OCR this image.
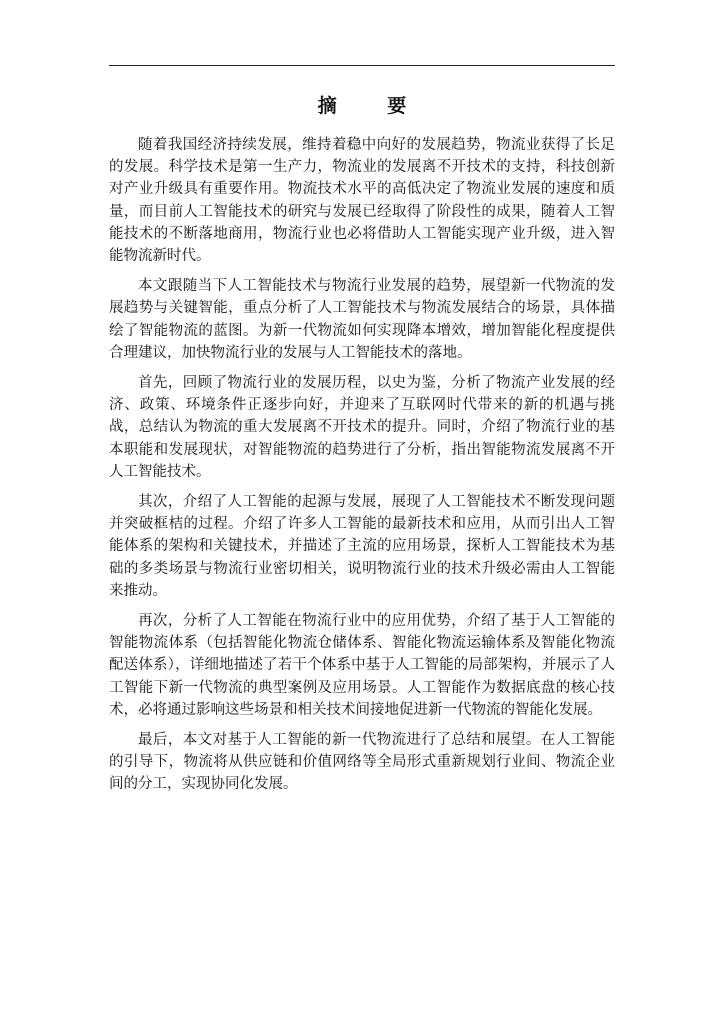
摘 要

随着我国经济持续发展，维持着稳中向好的发展趋势，物流业获得了长足的发展。科学技术是第一生产力，物流业的发展离不开技术的支持，科技创新对产业升级具有重要作用。物流技术水平的高低决定了物流业发展的速度和质量，而目前人工智能技术的研究与发展已经取得了阶段性的成果，随着人工智能技术的不断落地商用，物流行业也必将借助人工智能实现产业升级，进入智能物流新时代。

本文跟随当下人工智能技术与物流行业发展的趋势，展望新一代物流的发展趋势与关键智能，重点分析了人工智能技术与物流发展结合的场景，具体描绘了智能物流的蓝图。为新一代物流如何实现降本增效，增加智能化程度提供合理建议，加快物流行业的发展与人工智能技术的落地。

首先，回顾了物流行业的发展历程，以史为鉴，分析了物流产业发展的经济、政策、环境条件正逐步向好，并迎来了互联网时代带来的新的机遇与挑战，总结认为物流的重大发展离不开技术的提升。同时，介绍了物流行业的基本职能和发展现状，对智能物流的趋势进行了分析，指出智能物流发展离不开人工智能技术。

其次，介绍了人工智能的起源与发展，展现了人工智能技术不断发现问题并突破框桔的过程。介绍了许多人工智能的最新技术和应用，从而引出人工智能体系的架构和关键技术，并描述了主流的应用场景，探析人工智能技术为基础的多类场景与物流行业密切相关，说明物流行业的技术升级必需由人工智能来推动。

再次，分析了人工智能在物流行业中的应用优势，介绍了基于人工智能的智能物流体系（包括智能化物流仓储体系、智能化物流运输体系及智能化物流配送体系），详细地描述了若干个体系中基于人工智能的局部架构，并展示了人工智能下新一代物流的典型案例及应用场景。人工智能作为数据底盘的核心技术，必将通过影响这些场景和相关技术间接地促进新一代物流的智能化发展。

最后，本文对基于人工智能的新一代物流进行了总结和展望。在人工智能的引导下，物流将从供应链和价值网络等全局形式重新规划行业间、物流企业间的分工，实现协同化发展。
